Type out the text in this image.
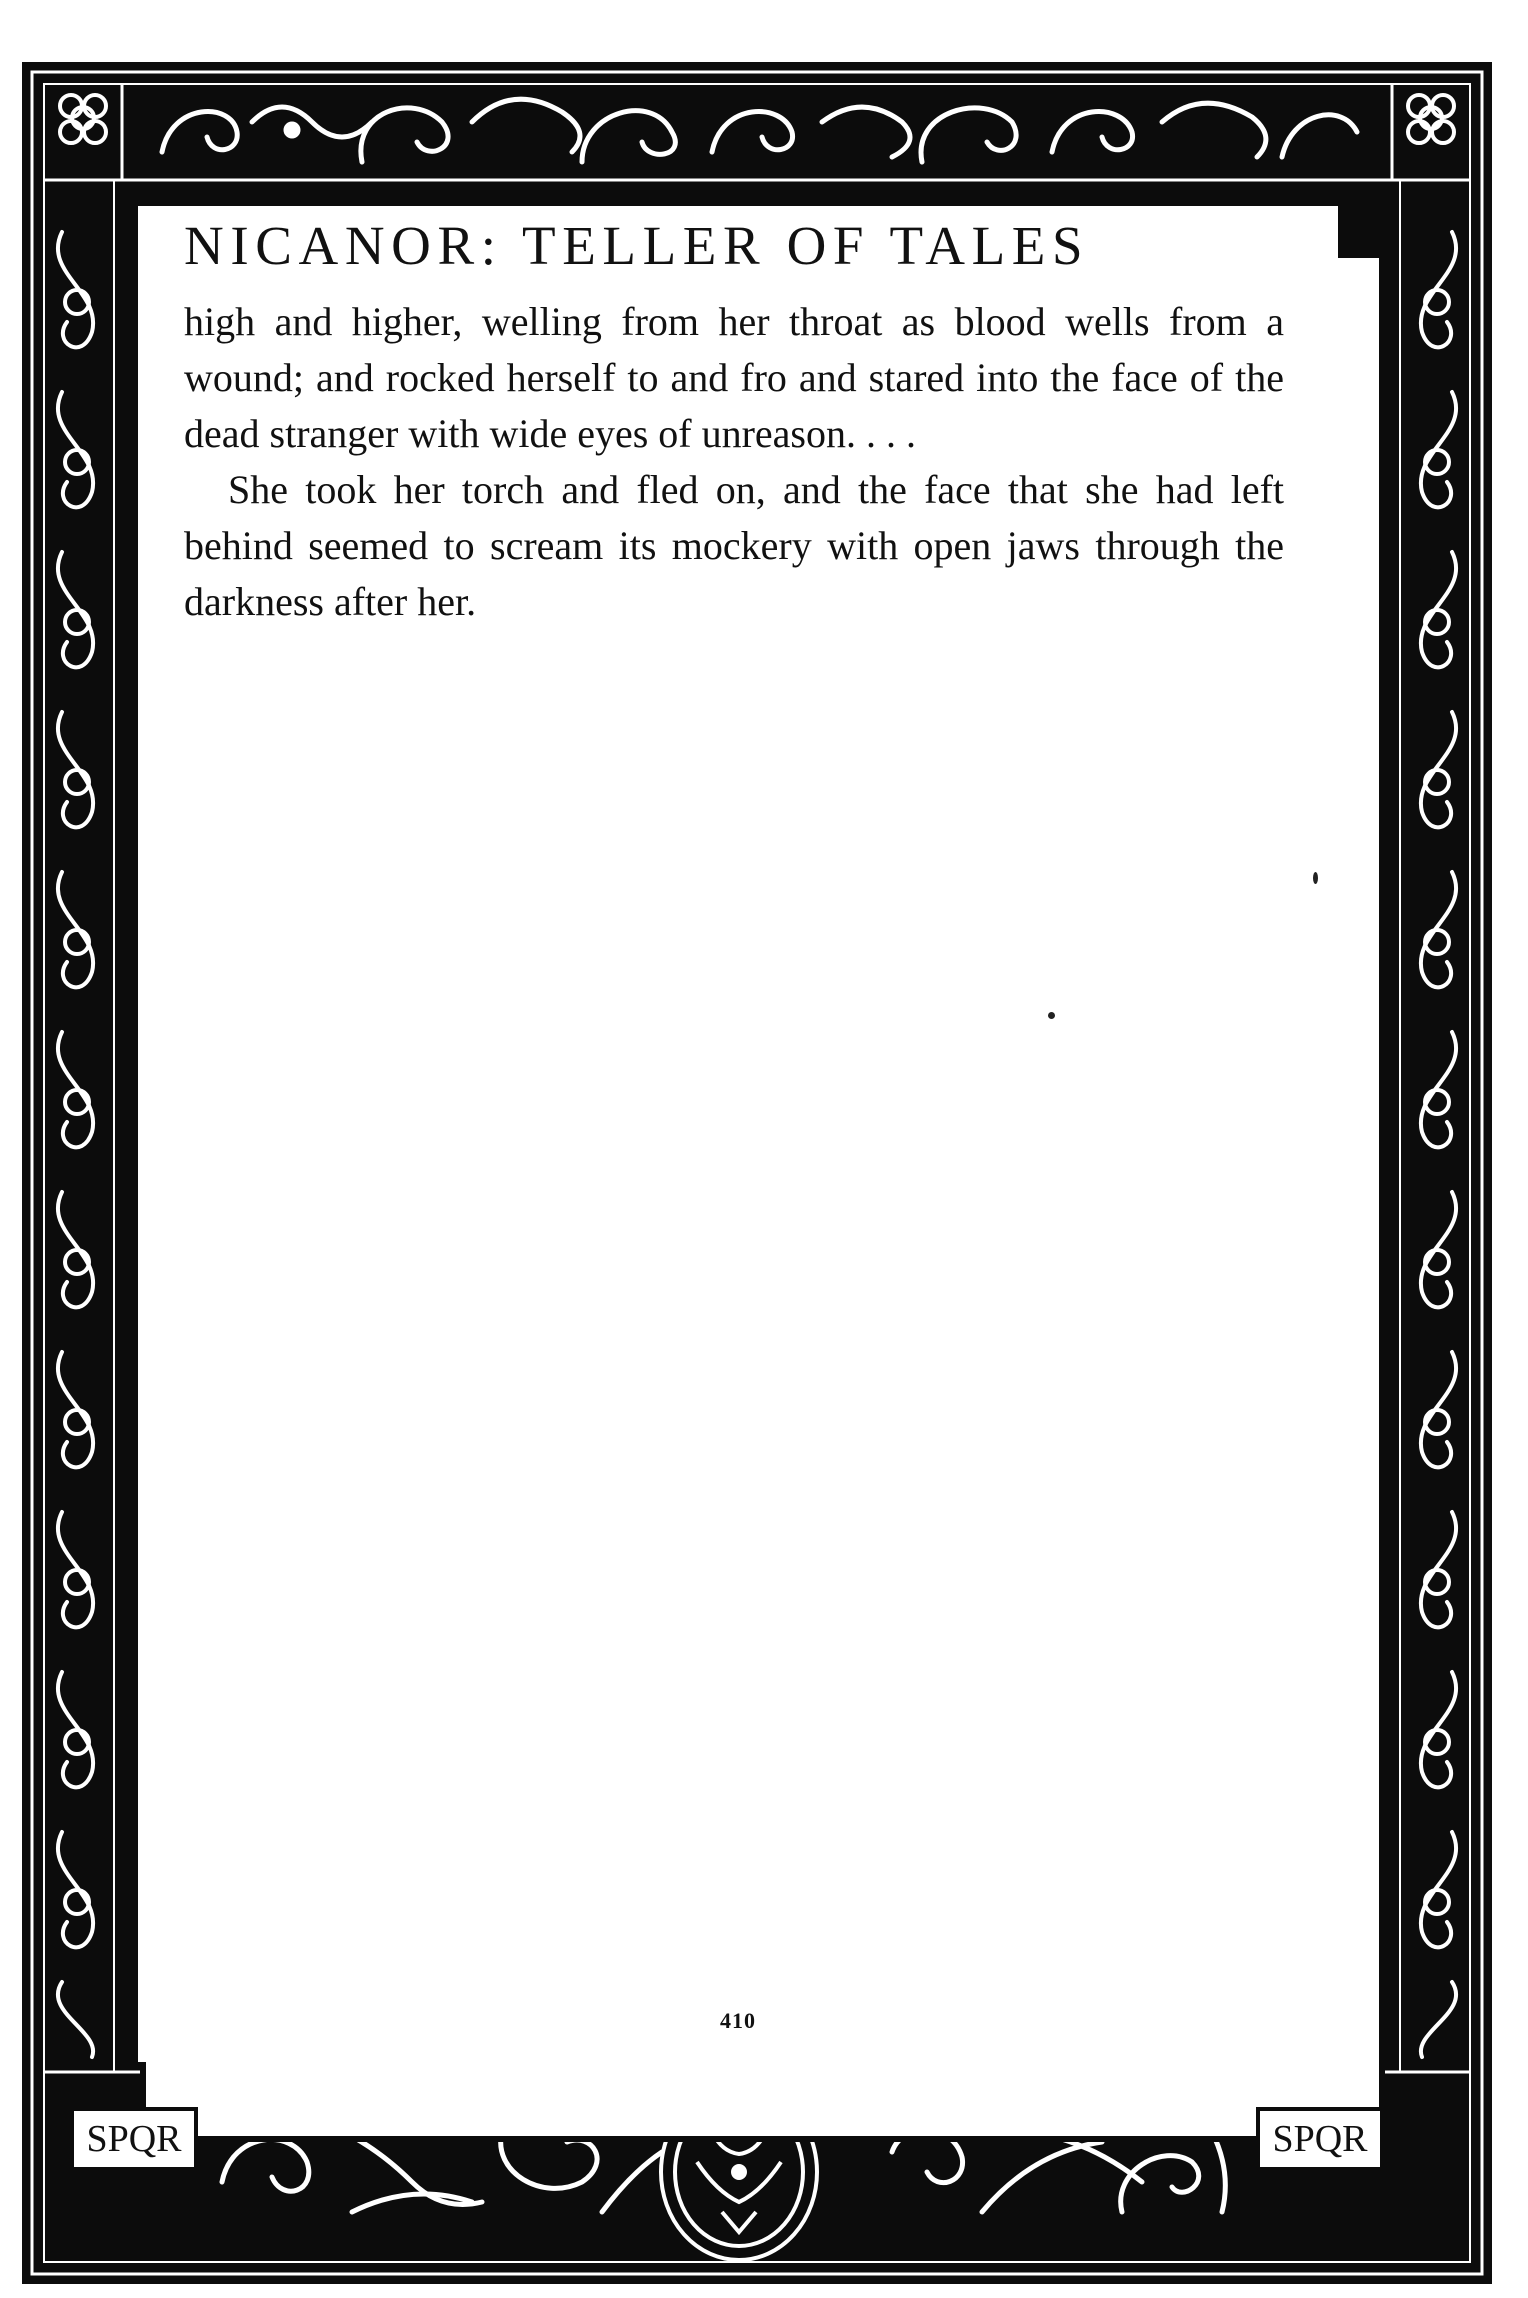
NICANOR: TELLER OF TALES

high and higher, welling from her throat as blood wells from a wound; and rocked herself to and fro and stared into the face of the dead stranger with wide eyes of unreason. . . .

She took her torch and fled on, and the face that she had left behind seemed to scream its mockery with open jaws through the darkness after her.

410
SPQR	SPQR
